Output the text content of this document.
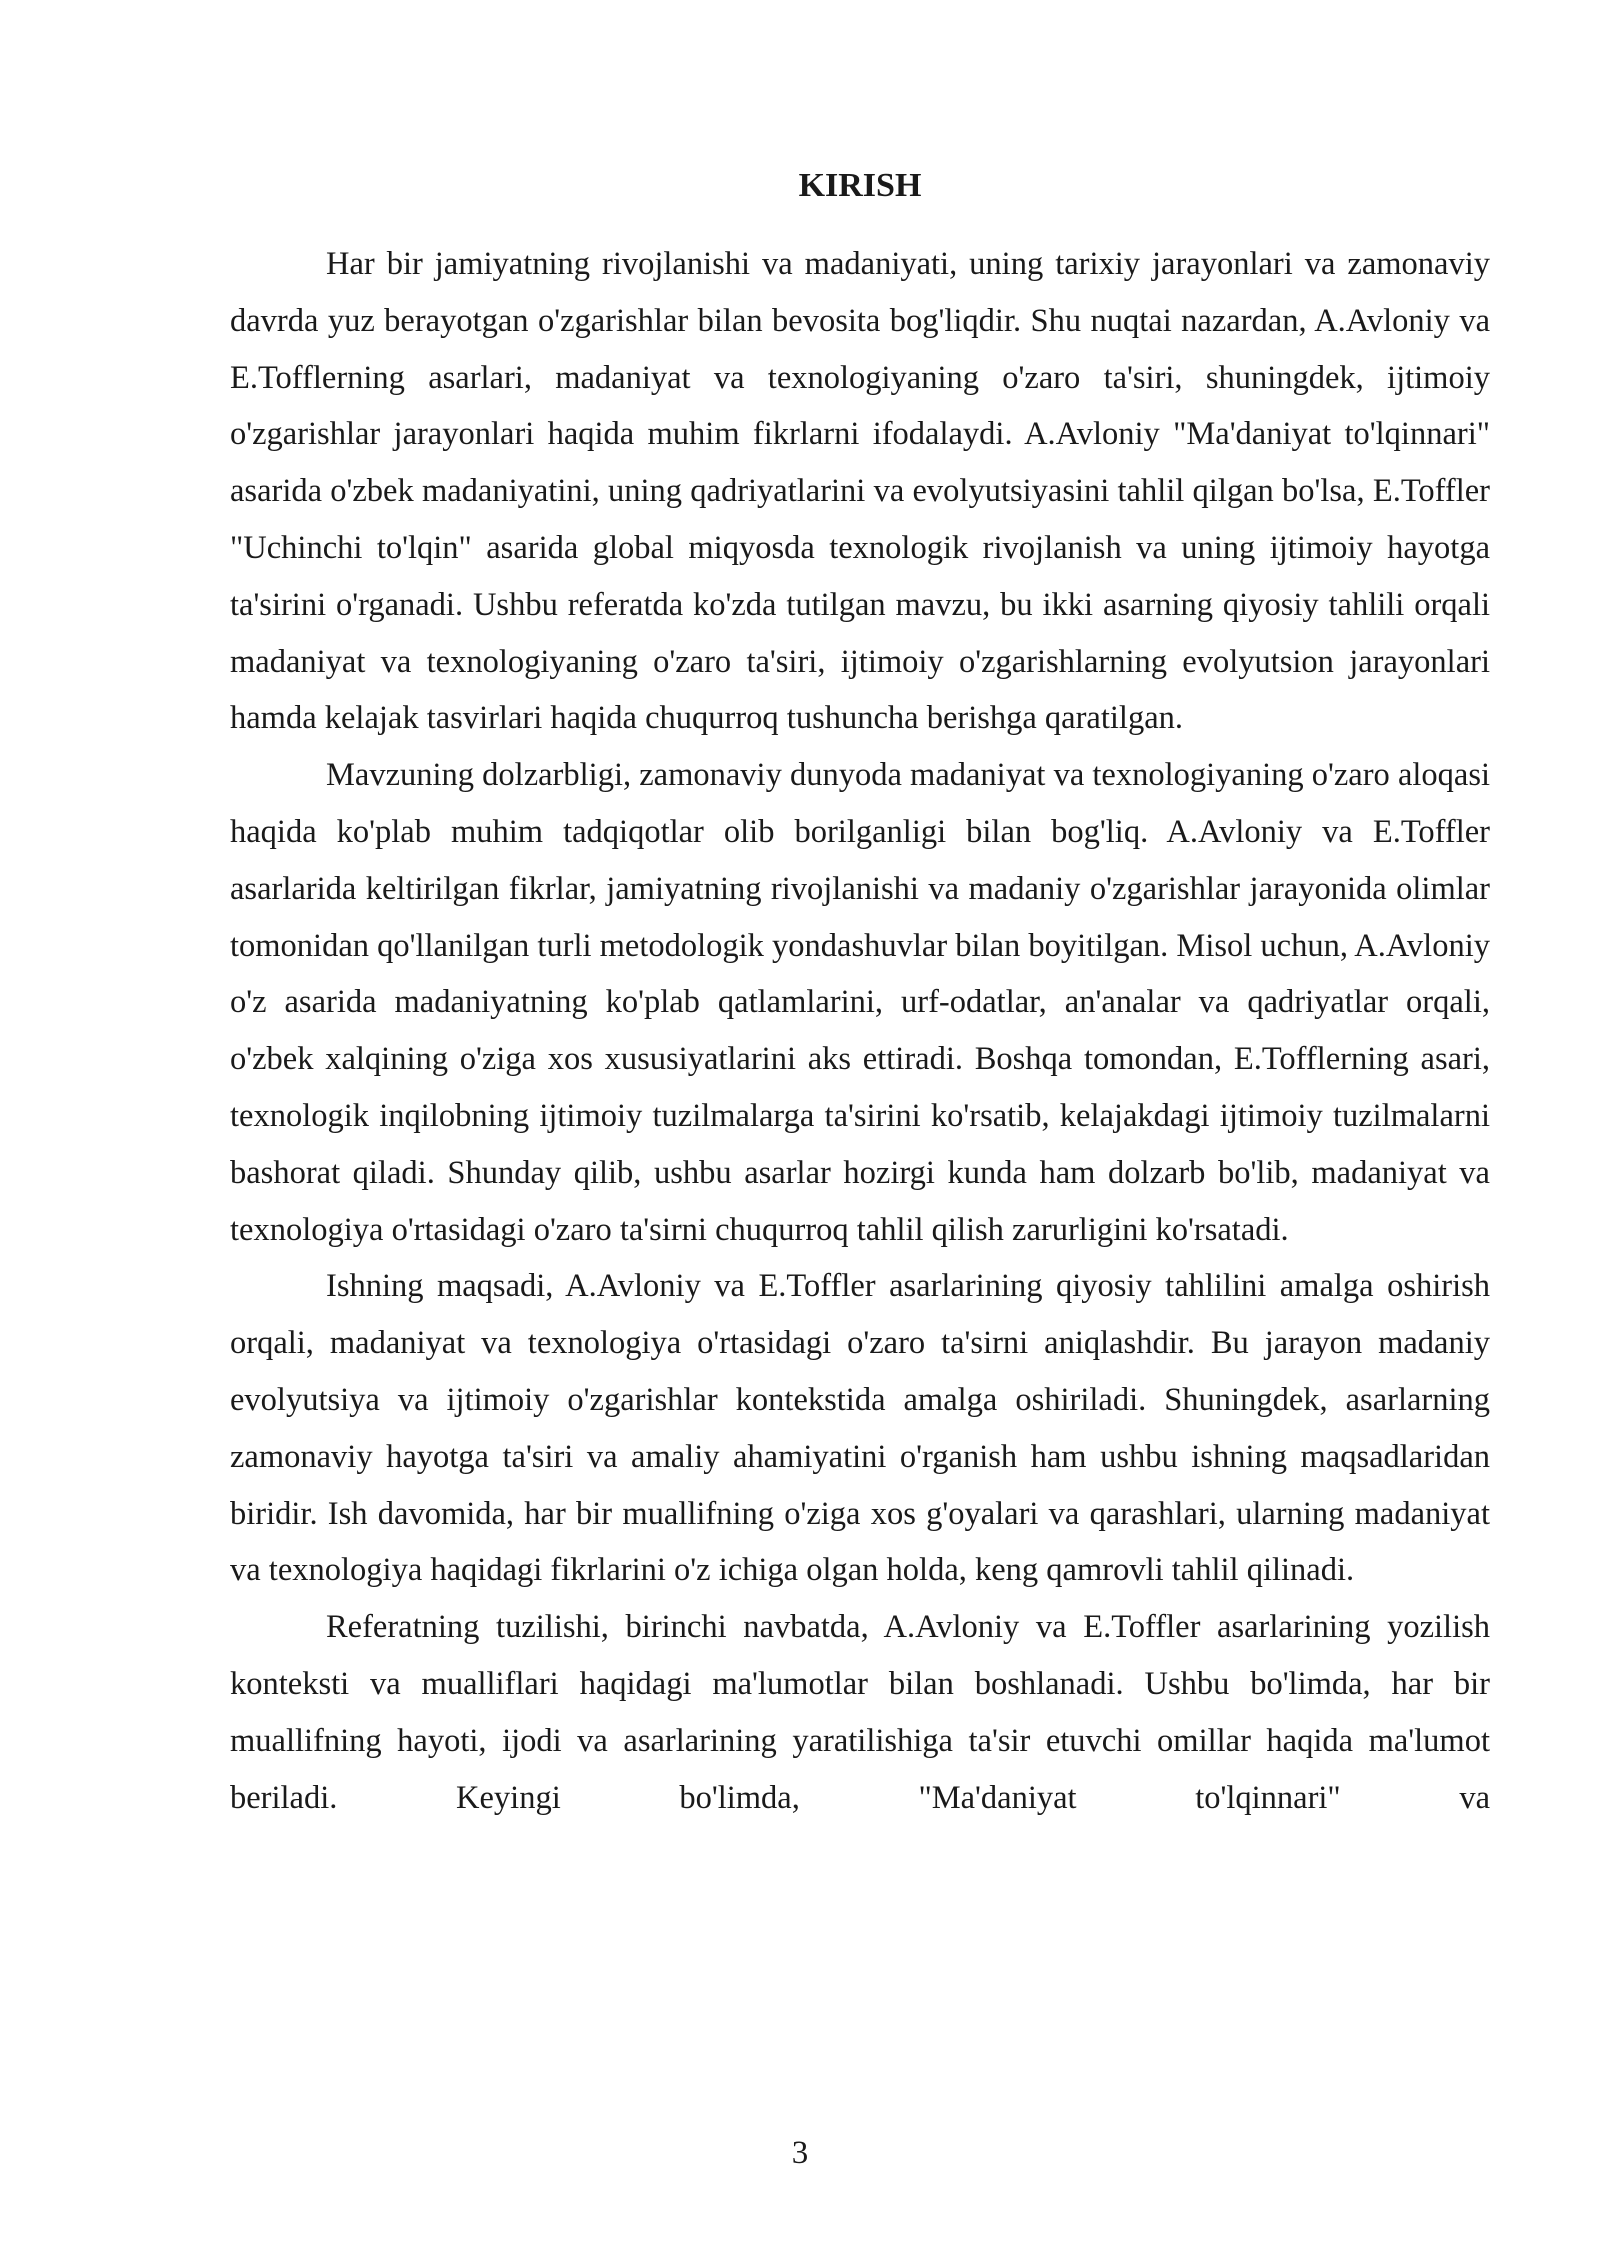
KIRISH

Har bir jamiyatning rivojlanishi va madaniyati, uning tarixiy jarayonlari va zamonaviy davrda yuz berayotgan o'zgarishlar bilan bevosita bog'liqdir. Shu nuqtai nazardan, A.Avloniy va E.Tofflerning asarlari, madaniyat va texnologiyaning o'zaro ta'siri, shuningdek, ijtimoiy o'zgarishlar jarayonlari haqida muhim fikrlarni ifodalaydi. A.Avloniy "Ma'daniyat to'lqinnari" asarida o'zbek madaniyatini, uning qadriyatlarini va evolyutsiyasini tahlil qilgan bo'lsa, E.Toffler "Uchinchi to'lqin" asarida global miqyosda texnologik rivojlanish va uning ijtimoiy hayotga ta'sirini o'rganadi. Ushbu referatda ko'zda tutilgan mavzu, bu ikki asarning qiyosiy tahlili orqali madaniyat va texnologiyaning o'zaro ta'siri, ijtimoiy o'zgarishlarning evolyutsion jarayonlari hamda kelajak tasvirlari haqida chuqurroq tushuncha berishga qaratilgan.

Mavzuning dolzarbligi, zamonaviy dunyoda madaniyat va texnologiyaning o'zaro aloqasi haqida ko'plab muhim tadqiqotlar olib borilganligi bilan bog'liq. A.Avloniy va E.Toffler asarlarida keltirilgan fikrlar, jamiyatning rivojlanishi va madaniy o'zgarishlar jarayonida olimlar tomonidan qo'llanilgan turli metodologik yondashuvlar bilan boyitilgan. Misol uchun, A.Avloniy o'z asarida madaniyatning ko'plab qatlamlarini, urf-odatlar, an'analar va qadriyatlar orqali, o'zbek xalqining o'ziga xos xususiyatlarini aks ettiradi. Boshqa tomondan, E.Tofflerning asari, texnologik inqilobning ijtimoiy tuzilmalarga ta'sirini ko'rsatib, kelajakdagi ijtimoiy tuzilmalarni bashorat qiladi. Shunday qilib, ushbu asarlar hozirgi kunda ham dolzarb bo'lib, madaniyat va texnologiya o'rtasidagi o'zaro ta'sirni chuqurroq tahlil qilish zarurligini ko'rsatadi.

Ishning maqsadi, A.Avloniy va E.Toffler asarlarining qiyosiy tahlilini amalga oshirish orqali, madaniyat va texnologiya o'rtasidagi o'zaro ta'sirni aniqlashdir. Bu jarayon madaniy evolyutsiya va ijtimoiy o'zgarishlar kontekstida amalga oshiriladi. Shuningdek, asarlarning zamonaviy hayotga ta'siri va amaliy ahamiyatini o'rganish ham ushbu ishning maqsadlaridan biridir. Ish davomida, har bir muallifning o'ziga xos g'oyalari va qarashlari, ularning madaniyat va texnologiya haqidagi fikrlarini o'z ichiga olgan holda, keng qamrovli tahlil qilinadi.

Referatning tuzilishi, birinchi navbatda, A.Avloniy va E.Toffler asarlarining yozilish konteksti va mualliflari haqidagi ma'lumotlar bilan boshlanadi. Ushbu bo'limda, har bir muallifning hayoti, ijodi va asarlarining yaratilishiga ta'sir etuvchi omillar haqida ma'lumot beriladi. Keyingi bo'limda, "Ma'daniyat to'lqinnari" va

3
